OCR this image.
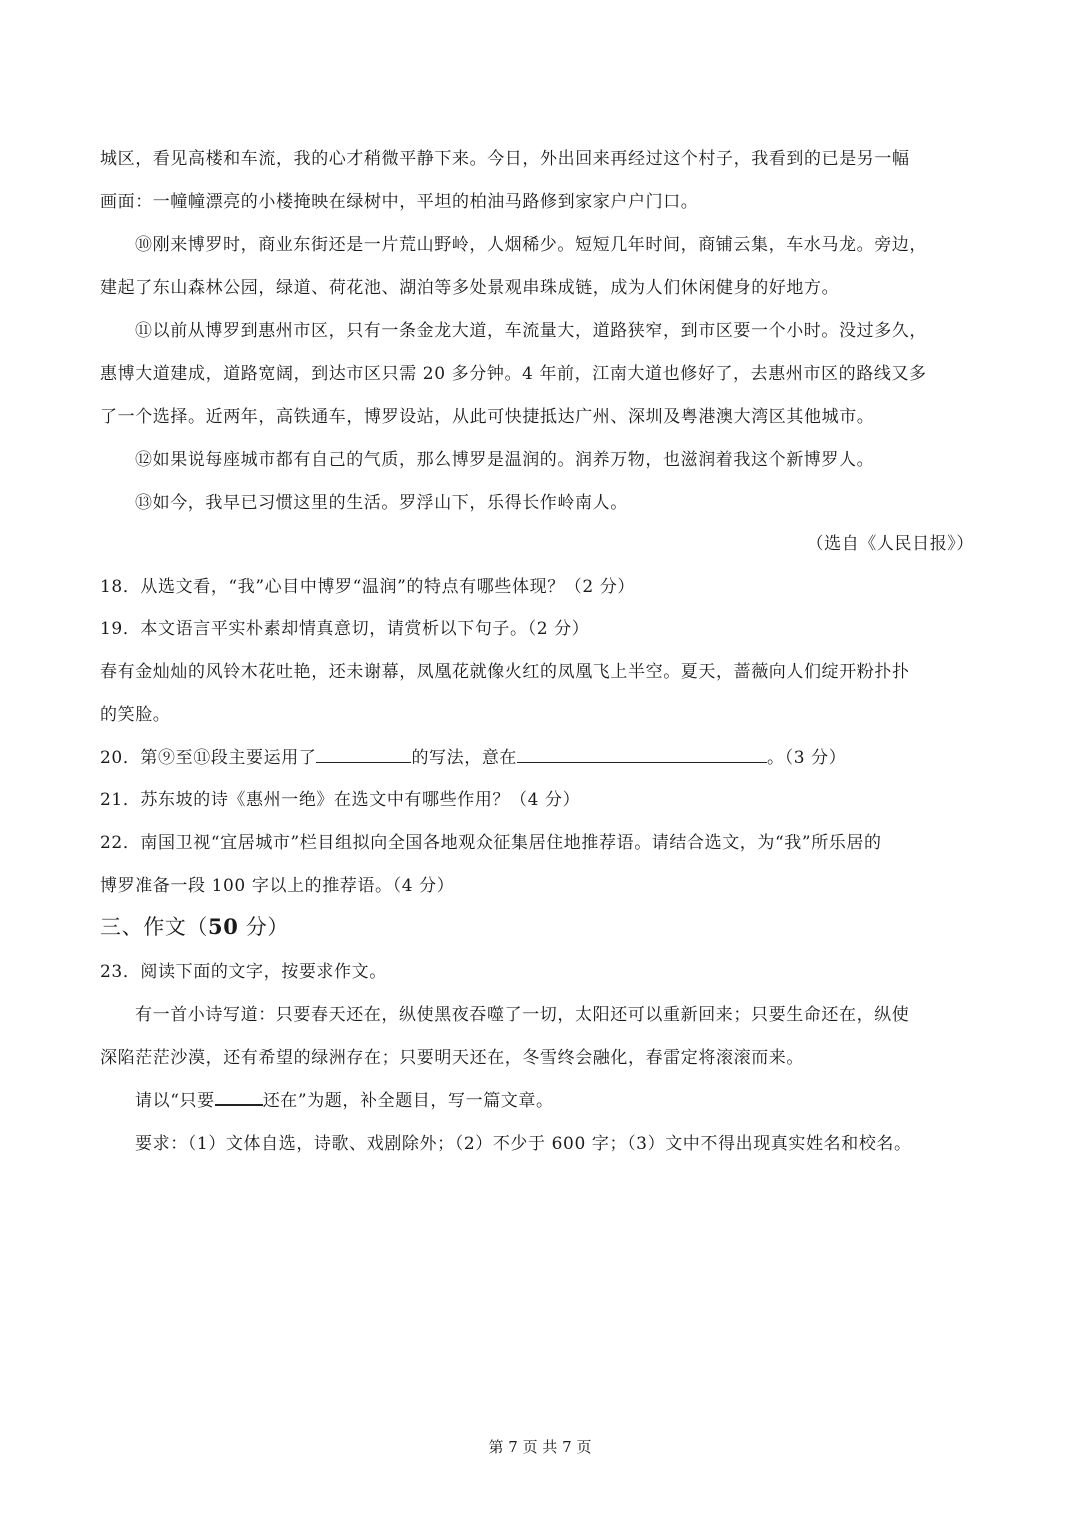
城区，看见高楼和车流，我的心才稍微平静下来。今日，外出回来再经过这个村子，我看到的已是另一幅
画面：一幢幢漂亮的小楼掩映在绿树中，平坦的柏油马路修到家家户户门口。
⑩刚来博罗时，商业东街还是一片荒山野岭，人烟稀少。短短几年时间，商铺云集，车水马龙。旁边，
建起了东山森林公园，绿道、荷花池、湖泊等多处景观串珠成链，成为人们休闲健身的好地方。
⑪以前从博罗到惠州市区，只有一条金龙大道，车流量大，道路狭窄，到市区要一个小时。没过多久，
惠博大道建成，道路宽阔，到达市区只需 20 多分钟。4 年前，江南大道也修好了，去惠州市区的路线又多
了一个选择。近两年，高铁通车，博罗设站，从此可快捷抵达广州、深圳及粤港澳大湾区其他城市。
⑫如果说每座城市都有自己的气质，那么博罗是温润的。润养万物，也滋润着我这个新博罗人。
⑬如今，我早已习惯这里的生活。罗浮山下，乐得长作岭南人。
（选自《人民日报》）
18．从选文看，“我”心目中博罗“温润”的特点有哪些体现？（2 分）
19．本文语言平实朴素却情真意切，请赏析以下句子。（2 分）
春有金灿灿的风铃木花吐艳，还未谢幕，凤凰花就像火红的凤凰飞上半空。夏天，蔷薇向人们绽开粉扑扑
的笑脸。
20．第⑨至⑪段主要运用了	的写法，意在	。（3 分）
21．苏东坡的诗《惠州一绝》在选文中有哪些作用？（4 分）
22．南国卫视“宜居城市”栏目组拟向全国各地观众征集居住地推荐语。请结合选文，为“我”所乐居的
博罗准备一段 100 字以上的推荐语。（4 分）
三、作文（50 分）
23．阅读下面的文字，按要求作文。
有一首小诗写道：只要春天还在，纵使黑夜吞噬了一切，太阳还可以重新回来；只要生命还在，纵使
深陷茫茫沙漠，还有希望的绿洲存在；只要明天还在，冬雪终会融化，春雷定将滚滚而来。
请以“只要	还在”为题，补全题目，写一篇文章。
要求：（1）文体自选，诗歌、戏剧除外；（2）不少于 600 字；（3）文中不得出现真实姓名和校名。
第 7 页 共 7 页
